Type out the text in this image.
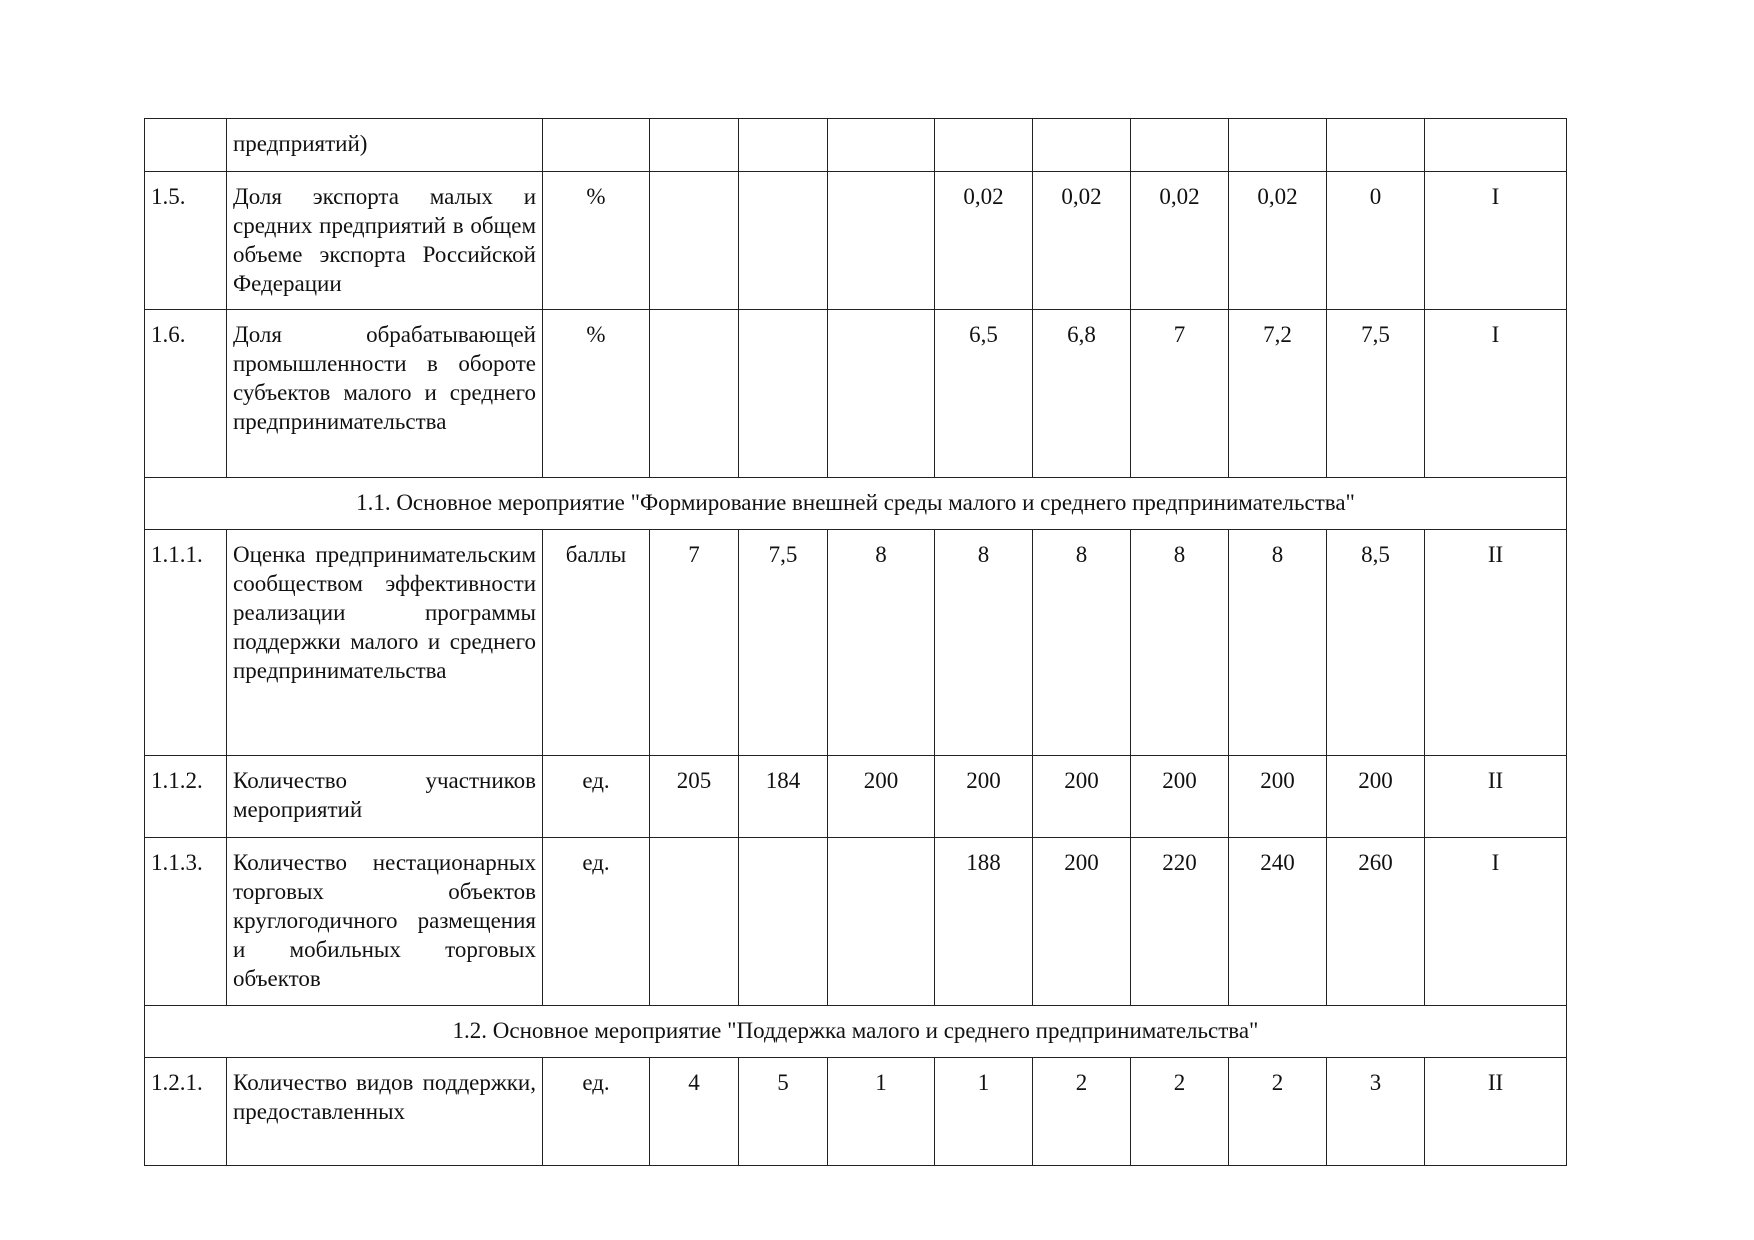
	предприятий)										
1.5.	Доля экспорта малых и средних предприятий в общем объеме экспорта Российской Федерации	%				0,02	0,02	0,02	0,02	0	I
1.6.	Доля обрабатывающей промышленности в обороте субъектов малого и среднего предпринимательства	%				6,5	6,8	7	7,2	7,5	I
1.1. Основное мероприятие "Формирование внешней среды малого и среднего предпринимательства"											
1.1.1.	Оценка предпринимательским сообществом эффективности реализации программы поддержки малого и среднего предпринимательства	баллы	7	7,5	8	8	8	8	8	8,5	II
1.1.2.	Количество участников мероприятий	ед.	205	184	200	200	200	200	200	200	II
1.1.3.	Количество нестационарных торговых объектов круглогодичного размещения и мобильных торговых объектов	ед.				188	200	220	240	260	I
1.2. Основное мероприятие "Поддержка малого и среднего предпринимательства"											
1.2.1.	Количество видов поддержки, предоставленных	ед.	4	5	1	1	2	2	2	3	II
